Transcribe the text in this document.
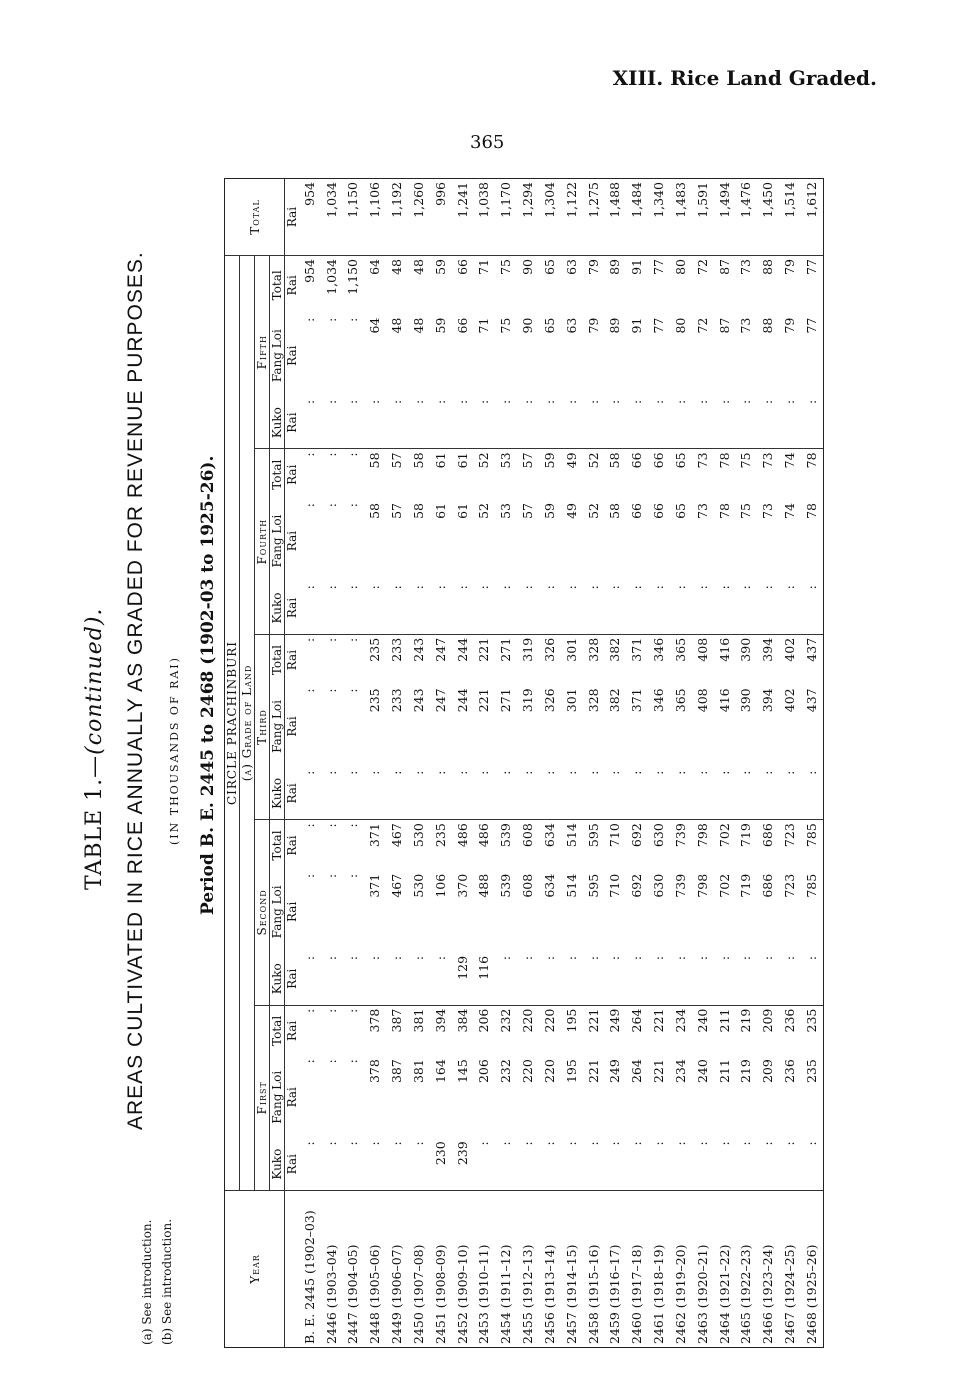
XIII. Rice Land Graded.
365
TABLE 1.—(continued). AREAS CULTIVATED IN RICE ANNUALLY AS GRADED FOR REVENUE PURPOSES. (IN THOUSANDS OF RAI) Period B. E. 2445 to 2468 (1902-03 to 1925-26).
Year	CIRCLE PRACHINBURI															Total
	(a) Grade of Land															
	First			Second			Third			Fourth			Fifth			
	Kuko	Fang Loi	Total	Kuko	Fang Loi	Total	Kuko	Fang Loi	Total	Kuko	Fang Loi	Total	Kuko	Fang Loi	Total	
	Rai	Rai	Rai	Rai	Rai	Rai	Rai	Rai	Rai	Rai	Rai	Rai	Rai	Rai	Rai	Rai
B. E. 2445 (1902–03)	:	:	:	:	:	:	:	:	:	:	:	:	:	:	954	954
2446 (1903–04)	:	:	:	:	:	:	:	:	:	:	:	:	:	:	1,034	1,034
2447 (1904–05)	:	:	:	:	:	:	:	:	:	:	:	:	:	:	1,150	1,150
2448 (1905–06)	:	378	378	:	371	371	:	235	235	:	58	58	:	64	64	1,106
2449 (1906–07)	:	387	387	:	467	467	:	233	233	:	57	57	:	48	48	1,192
2450 (1907–08)	:	381	381	:	530	530	:	243	243	:	58	58	:	48	48	1,260
2451 (1908–09)	230	164	394	:	106	235	:	247	247	:	61	61	:	59	59	996
2452 (1909–10)	239	145	384	129	370	486	:	244	244	:	61	61	:	66	66	1,241
2453 (1910–11)	:	206	206	116	488	486	:	221	221	:	52	52	:	71	71	1,038
2454 (1911–12)	:	232	232	:	539	539	:	271	271	:	53	53	:	75	75	1,170
2455 (1912–13)	:	220	220	:	608	608	:	319	319	:	57	57	:	90	90	1,294
2456 (1913–14)	:	220	220	:	634	634	:	326	326	:	59	59	:	65	65	1,304
2457 (1914–15)	:	195	195	:	514	514	:	301	301	:	49	49	:	63	63	1,122
2458 (1915–16)	:	221	221	:	595	595	:	328	328	:	52	52	:	79	79	1,275
2459 (1916–17)	:	249	249	:	710	710	:	382	382	:	58	58	:	89	89	1,488
2460 (1917–18)	:	264	264	:	692	692	:	371	371	:	66	66	:	91	91	1,484
2461 (1918–19)	:	221	221	:	630	630	:	346	346	:	66	66	:	77	77	1,340
2462 (1919–20)	:	234	234	:	739	739	:	365	365	:	65	65	:	80	80	1,483
2463 (1920–21)	:	240	240	:	798	798	:	408	408	:	73	73	:	72	72	1,591
2464 (1921–22)	:	211	211	:	702	702	:	416	416	:	78	78	:	87	87	1,494
2465 (1922–23)	:	219	219	:	719	719	:	390	390	:	75	75	:	73	73	1,476
2466 (1923–24)	:	209	209	:	686	686	:	394	394	:	73	73	:	88	88	1,450
2467 (1924–25)	:	236	236	:	723	723	:	402	402	:	74	74	:	79	79	1,514
2468 (1925–26)	:	235	235	:	785	785	:	437	437	:	78	78	:	77	77	1,612
(a) See introduction. (b) See introduction.
